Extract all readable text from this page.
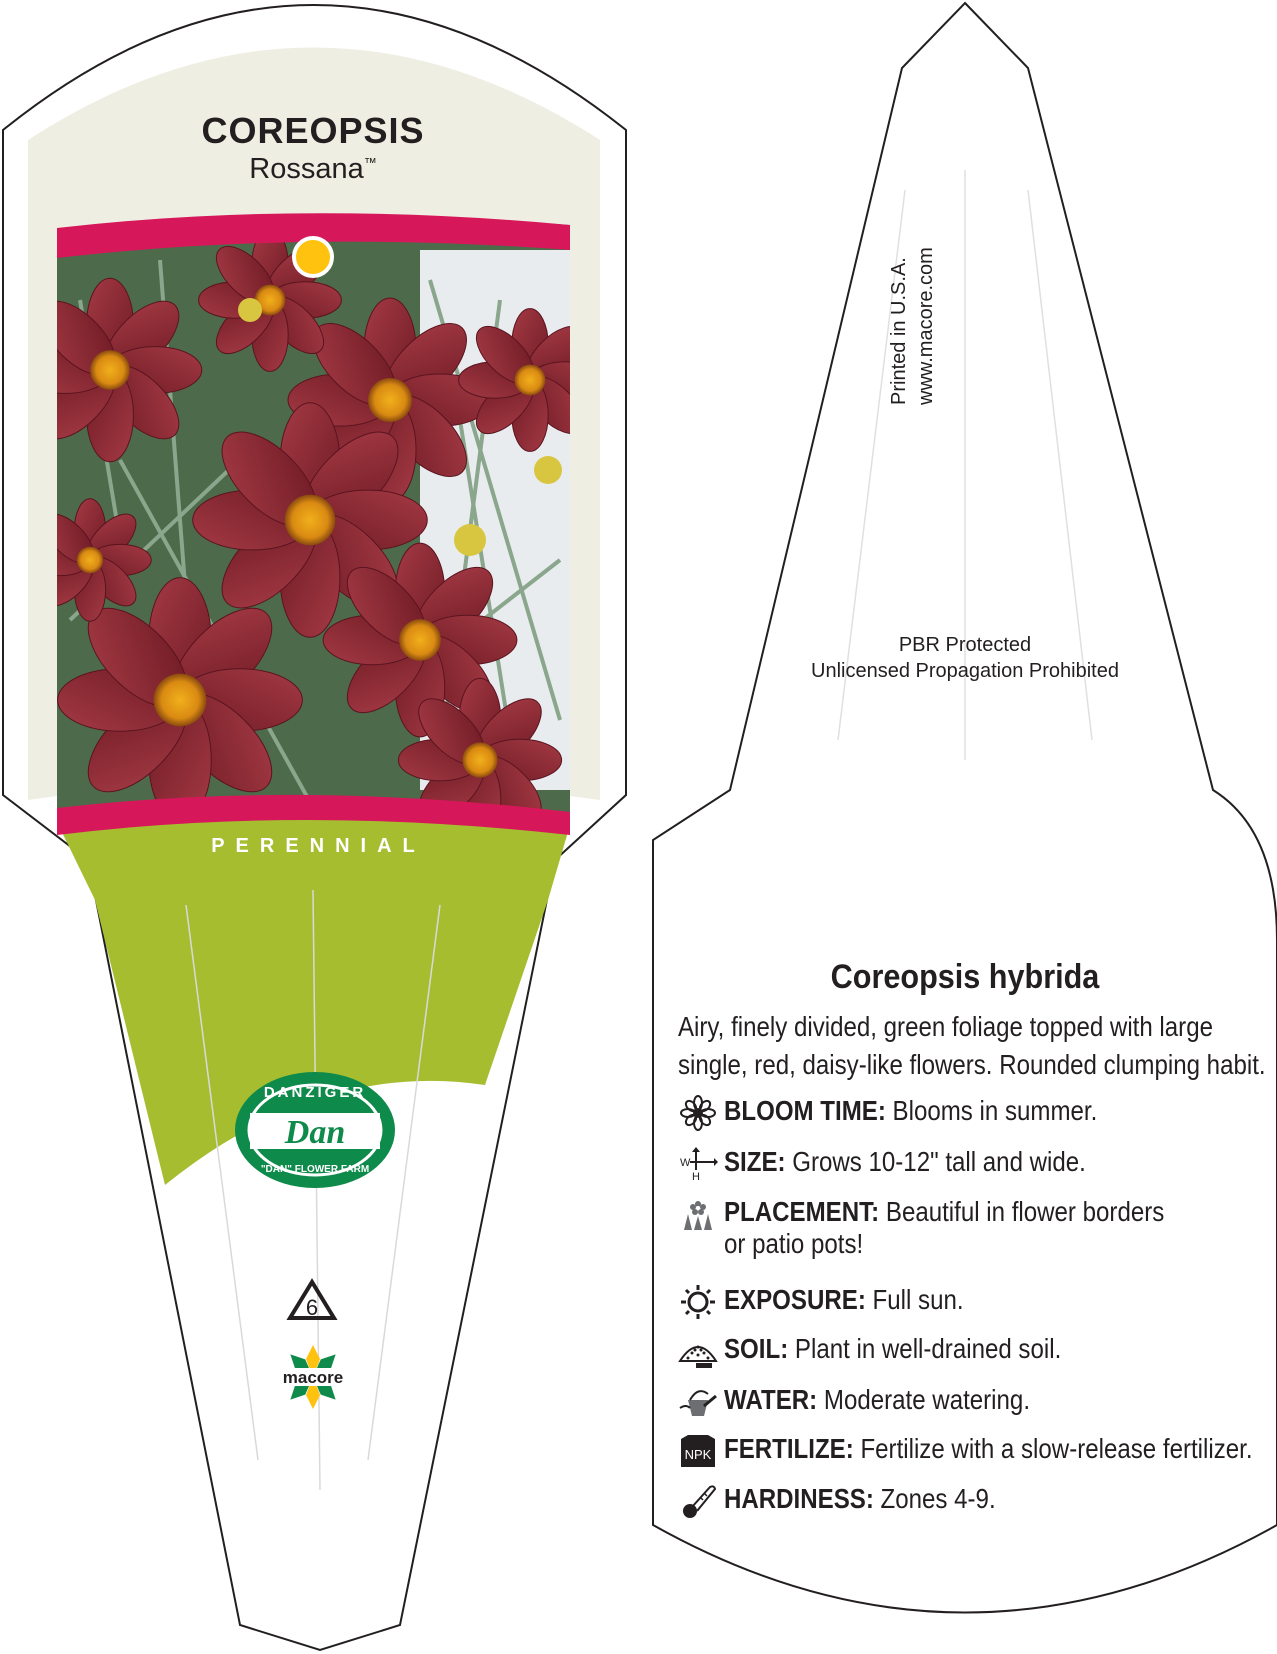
DANZIGER
Dan
"DAN" FLOWER FARM
6
macore
COREOPSIS
Rossana™
PERENNIAL
Printed in U.S.A. www.macore.com
PBR Protected
Unlicensed Propagation Prohibited
Coreopsis hybrida
Airy, finely divided, green foliage topped with large single, red, daisy-like flowers. Rounded clumping habit.
BLOOM TIME: Blooms in summer.
W
H SIZE: Grows 10-12" tall and wide.
PLACEMENT: Beautiful in flower borders or patio pots!
EXPOSURE: Full sun.
SOIL: Plant in well-drained soil.
WATER: Moderate watering.
NPK FERTILIZE: Fertilize with a slow-release fertilizer.
HARDINESS: Zones 4-9.
